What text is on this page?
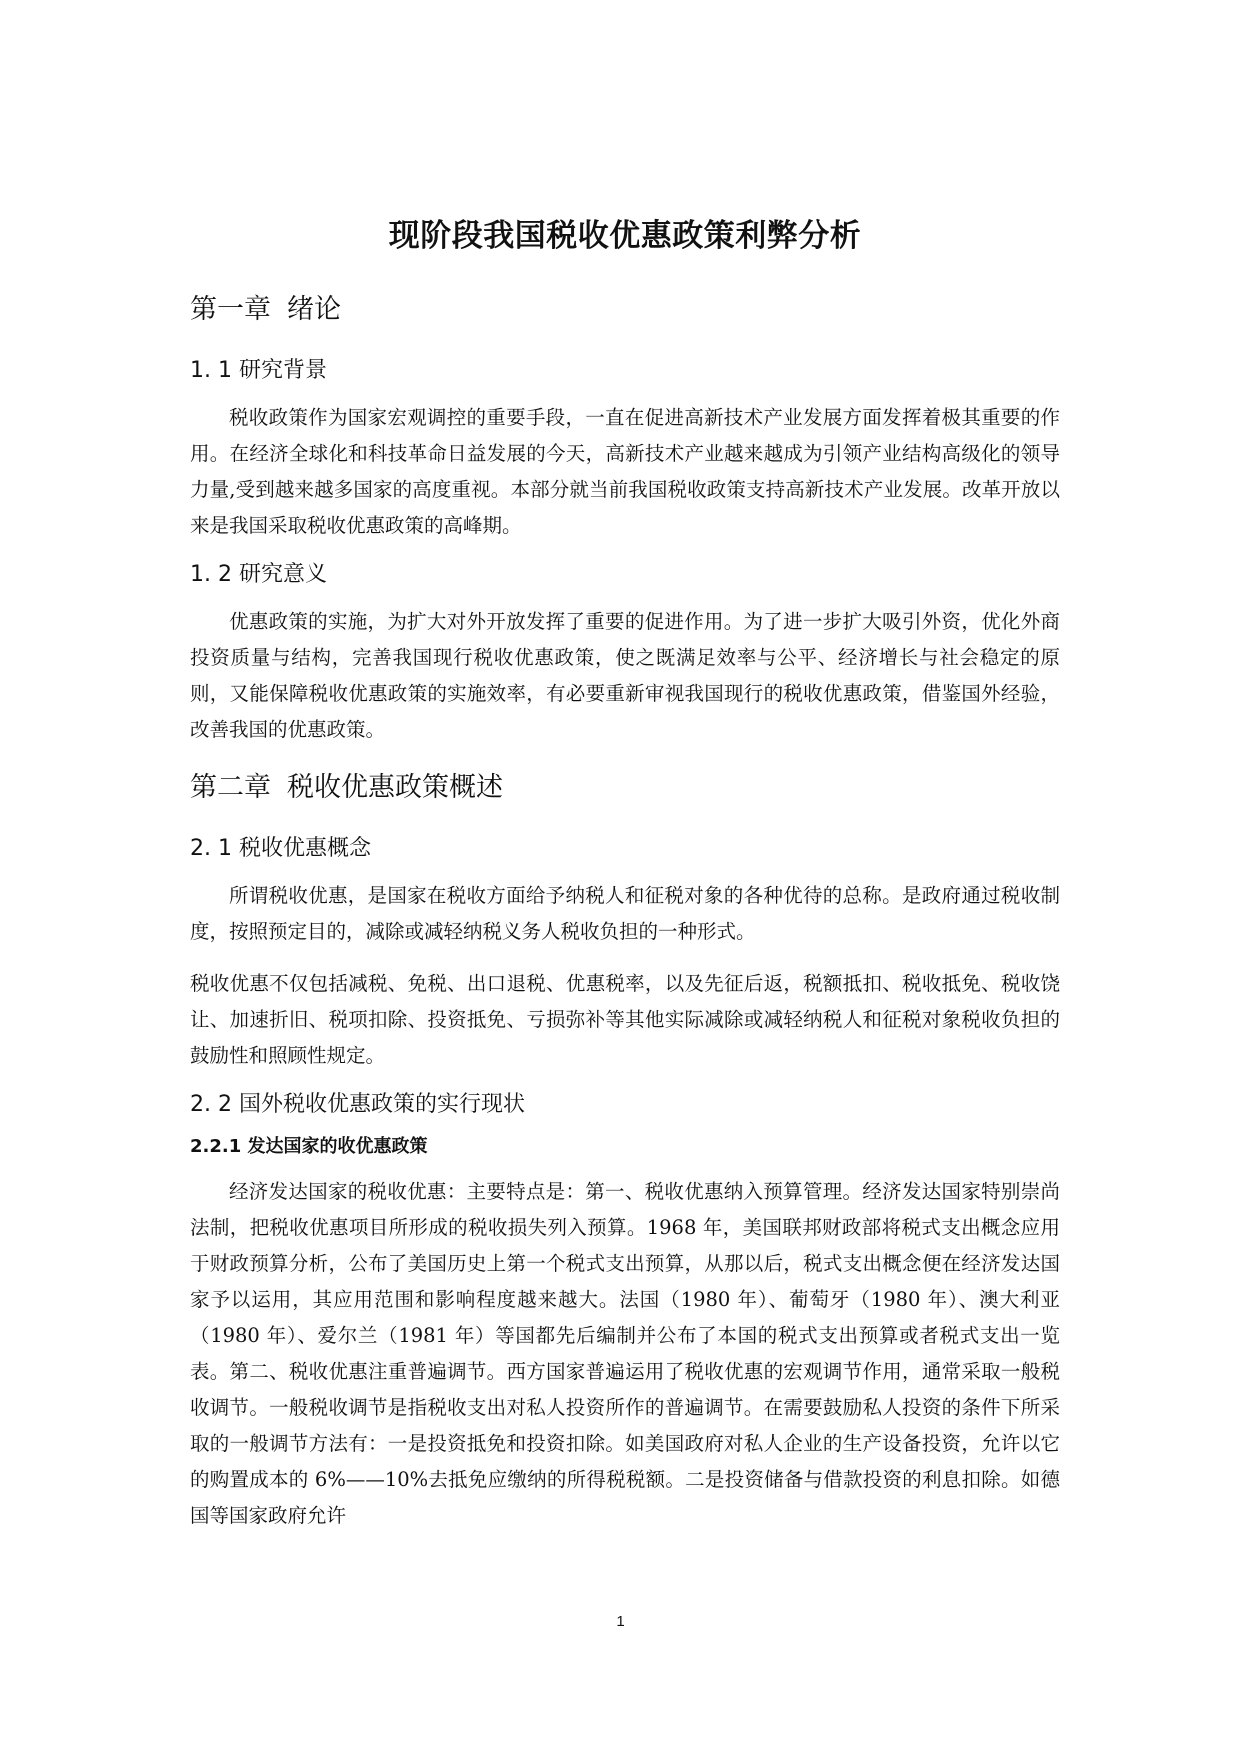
现阶段我国税收优惠政策利弊分析
第一章 绪论
1. 1 研究背景

税收政策作为国家宏观调控的重要手段，一直在促进高新技术产业发展方面发挥着极其重要的作用。在经济全球化和科技革命日益发展的今天，高新技术产业越来越成为引领产业结构高级化的领导力量,受到越来越多国家的高度重视。本部分就当前我国税收政策支持高新技术产业发展。改革开放以来是我国采取税收优惠政策的高峰期。

1. 2 研究意义

优惠政策的实施，为扩大对外开放发挥了重要的促进作用。为了进一步扩大吸引外资，优化外商投资质量与结构，完善我国现行税收优惠政策，使之既满足效率与公平、经济增长与社会稳定的原则，又能保障税收优惠政策的实施效率，有必要重新审视我国现行的税收优惠政策，借鉴国外经验，改善我国的优惠政策。

第二章 税收优惠政策概述
2. 1 税收优惠概念

所谓税收优惠，是国家在税收方面给予纳税人和征税对象的各种优待的总称。是政府通过税收制度，按照预定目的，减除或减轻纳税义务人税收负担的一种形式。

税收优惠不仅包括减税、免税、出口退税、优惠税率，以及先征后返，税额抵扣、税收抵免、税收饶让、加速折旧、税项扣除、投资抵免、亏损弥补等其他实际减除或减轻纳税人和征税对象税收负担的鼓励性和照顾性规定。

2. 2 国外税收优惠政策的实行现状
2.2.1 发达国家的收优惠政策

经济发达国家的税收优惠：主要特点是：第一、税收优惠纳入预算管理。经济发达国家特别崇尚法制，把税收优惠项目所形成的税收损失列入预算。1968 年，美国联邦财政部将税式支出概念应用于财政预算分析，公布了美国历史上第一个税式支出预算，从那以后，税式支出概念便在经济发达国家予以运用，其应用范围和影响程度越来越大。法国（1980 年）、葡萄牙（1980 年）、澳大利亚（1980 年）、爱尔兰（1981 年）等国都先后编制并公布了本国的税式支出预算或者税式支出一览表。第二、税收优惠注重普遍调节。西方国家普遍运用了税收优惠的宏观调节作用，通常采取一般税收调节。一般税收调节是指税收支出对私人投资所作的普遍调节。在需要鼓励私人投资的条件下所采取的一般调节方法有：一是投资抵免和投资扣除。如美国政府对私人企业的生产设备投资，允许以它的购置成本的 6%——10%去抵免应缴纳的所得税税额。二是投资储备与借款投资的利息扣除。如德国等国家政府允许

1
